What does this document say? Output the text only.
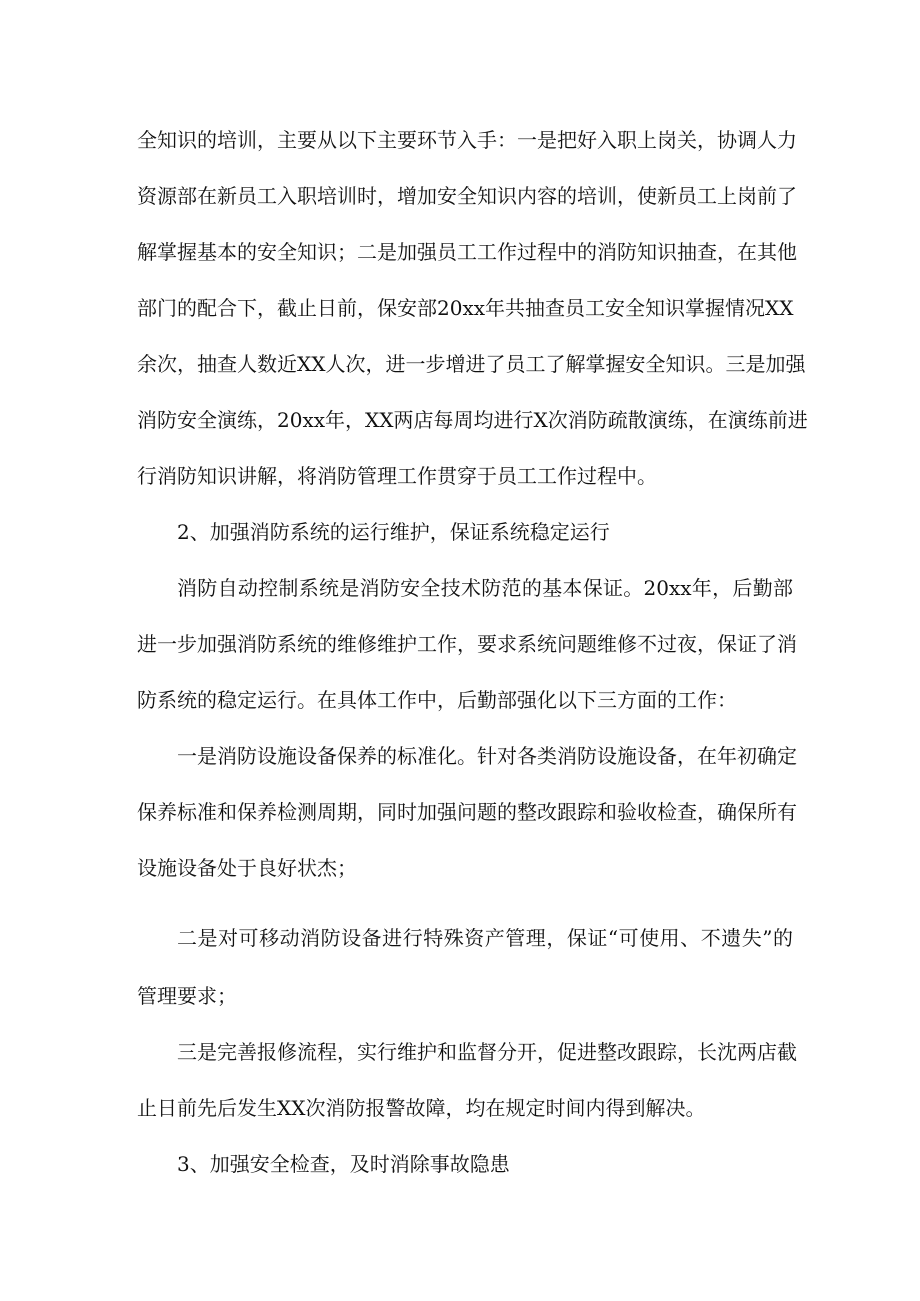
全知识的培训，主要从以下主要环节入手：一是把好入职上岗关，协调人力
资源部在新员工入职培训时，增加安全知识内容的培训，使新员工上岗前了
解掌握基本的安全知识；二是加强员工工作过程中的消防知识抽查，在其他
部门的配合下，截止日前，保安部20xx年共抽查员工安全知识掌握情况XX
余次，抽查人数近XX人次，进一步增进了员工了解掌握安全知识。三是加强
消防安全演练，20xx年，XX两店每周均进行X次消防疏散演练，在演练前进
行消防知识讲解，将消防管理工作贯穿于员工工作过程中。
2、加强消防系统的运行维护，保证系统稳定运行
消防自动控制系统是消防安全技术防范的基本保证。20xx年，后勤部
进一步加强消防系统的维修维护工作，要求系统问题维修不过夜，保证了消
防系统的稳定运行。在具体工作中，后勤部强化以下三方面的工作：
一是消防设施设备保养的标准化。针对各类消防设施设备，在年初确定
保养标准和保养检测周期，同时加强问题的整改跟踪和验收检查，确保所有
设施设备处于良好状杰；
二是对可移动消防设备进行特殊资产管理，保证“可使用、不遗失”的
管理要求；
三是完善报修流程，实行维护和监督分开，促进整改跟踪，长沈两店截
止日前先后发生XX次消防报警故障，均在规定时间内得到解决。
3、加强安全检查，及时消除事故隐患
